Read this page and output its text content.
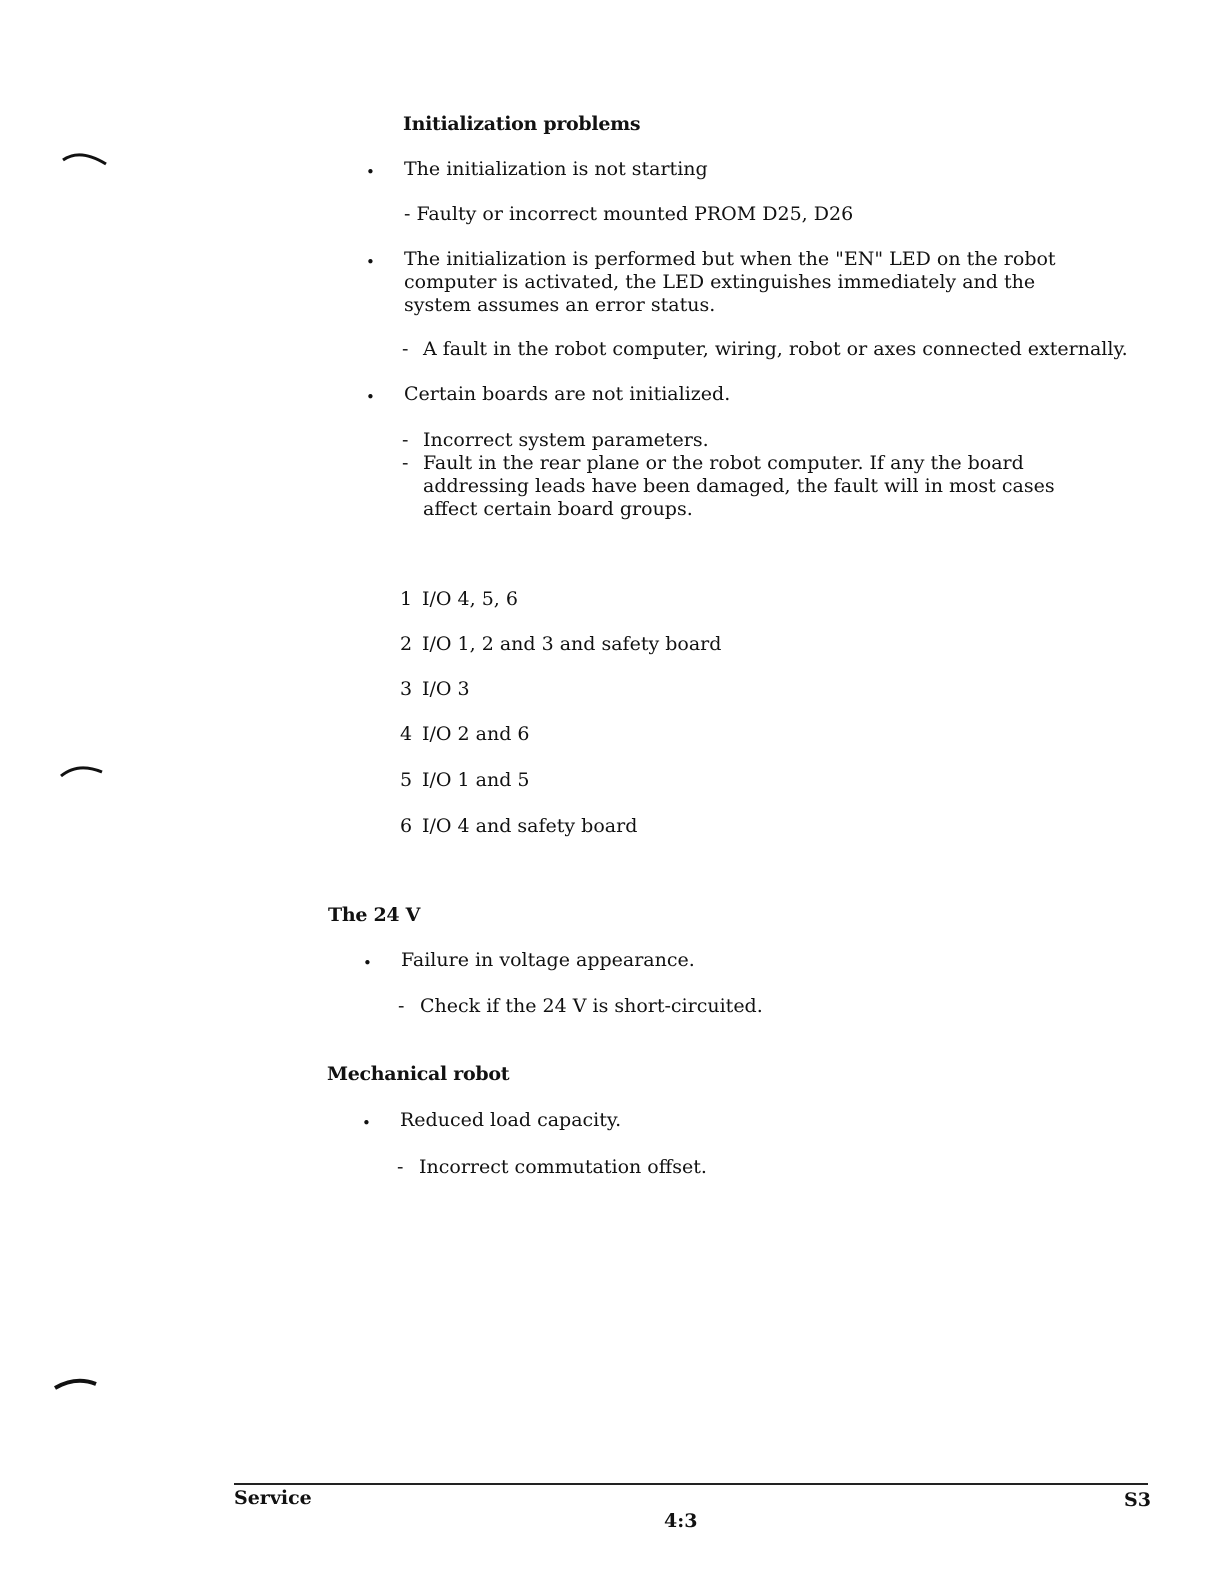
Initialization problems
• The initialization is not starting
- Faulty or incorrect mounted PROM D25, D26
• The initialization is performed but when the "EN" LED on the robot computer is activated, the LED extinguishes immediately and the system assumes an error status.
- A fault in the robot computer, wiring, robot or axes connected externally.
• Certain boards are not initialized.
- Incorrect system parameters.
- Fault in the rear plane or the robot computer. If any the board addressing leads have been damaged, the fault will in most cases affect certain board groups.
1 I/O 4, 5, 6
2 I/O 1, 2 and 3 and safety board
3 I/O 3
4 I/O 2 and 6
5 I/O 1 and 5
6 I/O 4 and safety board
The 24 V
• Failure in voltage appearance.
- Check if the 24 V is short-circuited.
Mechanical robot
• Reduced load capacity.
- Incorrect commutation offset.
Service
4:3
S3
